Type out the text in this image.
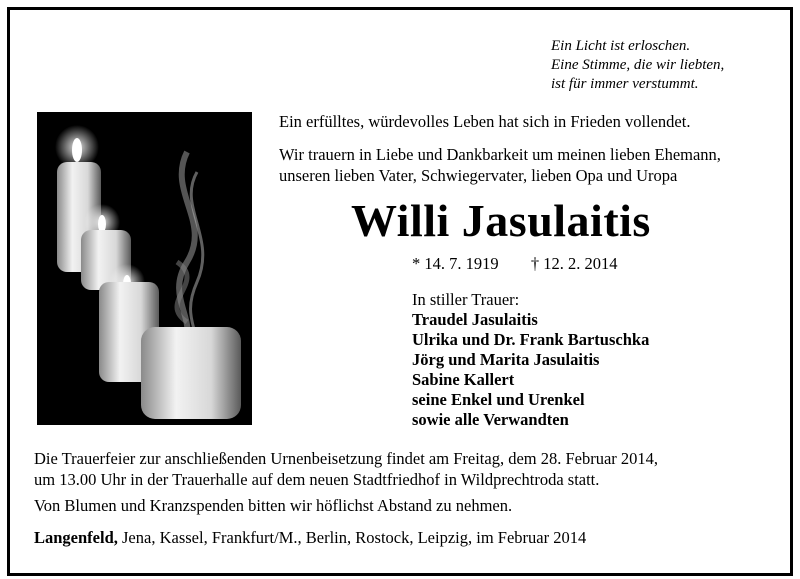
Ein Licht ist erloschen.
Eine Stimme, die wir liebten,
ist für immer verstummt.
Ein erfülltes, würdevolles Leben hat sich in Frieden vollendet.
Wir trauern in Liebe und Dankbarkeit um meinen lieben Ehemann,
unseren lieben Vater, Schwiegervater, lieben Opa und Uropa
Willi Jasulaitis
* 14. 7. 1919 † 12. 2. 2014
In stiller Trauer:
Traudel Jasulaitis
Ulrika und Dr. Frank Bartuschka
Jörg und Marita Jasulaitis
Sabine Kallert
seine Enkel und Urenkel
sowie alle Verwandten
Die Trauerfeier zur anschließenden Urnenbeisetzung findet am Freitag, dem 28. Februar 2014,
um 13.00 Uhr in der Trauerhalle auf dem neuen Stadtfriedhof in Wildprechtroda statt.
Von Blumen und Kranzspenden bitten wir höflichst Abstand zu nehmen.
Langenfeld, Jena, Kassel, Frankfurt/M., Berlin, Rostock, Leipzig, im Februar 2014
